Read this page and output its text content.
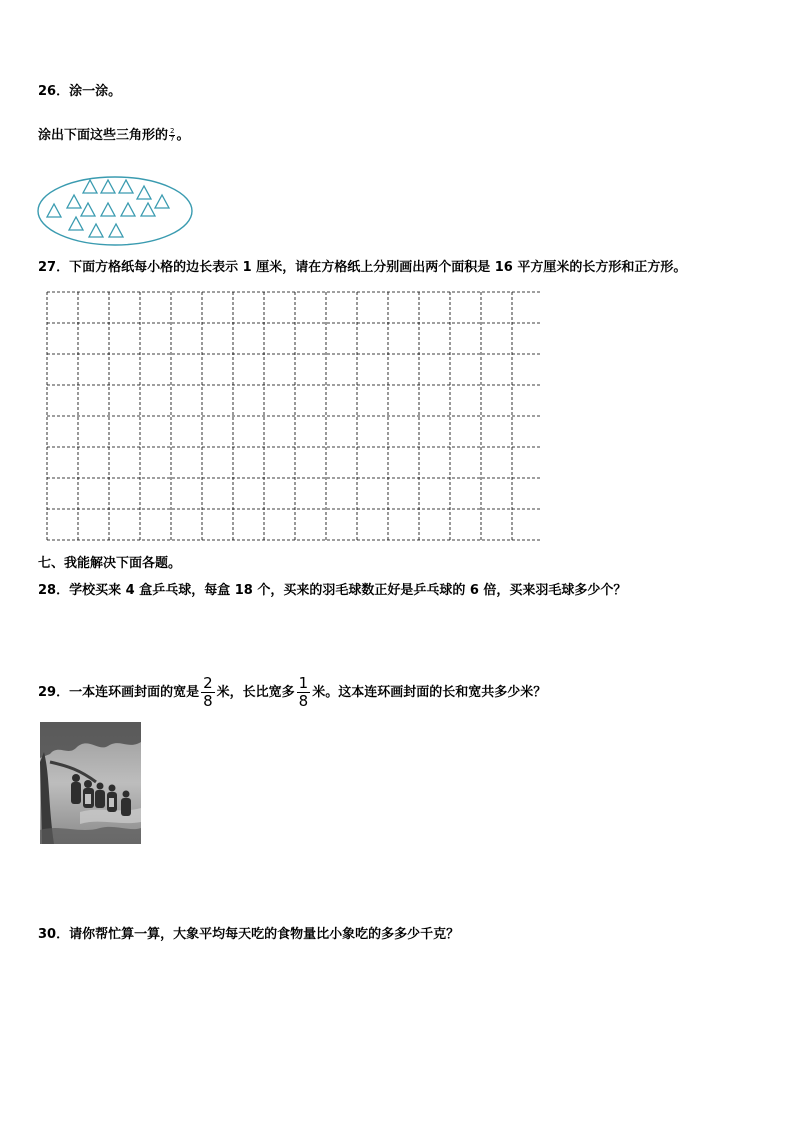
26．涂一涂。
涂出下面这些三角形的 $\frac{2}{7}$ 。
27．下面方格纸每小格的边长表示 1 厘米，请在方格纸上分别画出两个面积是 16 平方厘米的长方形和正方形。
七、我能解决下面各题。
28．学校买来 4 盒乒乓球，每盒 18 个，买来的羽毛球数正好是乒乓球的 6 倍，买来羽毛球多少个？
29．一本连环画封面的宽是 $\frac{2}{8}$ 米，长比宽多 $\frac{1}{8}$ 米。这本连环画封面的长和宽共多少米？
30．请你帮忙算一算，大象平均每天吃的食物量比小象吃的多多少千克？
